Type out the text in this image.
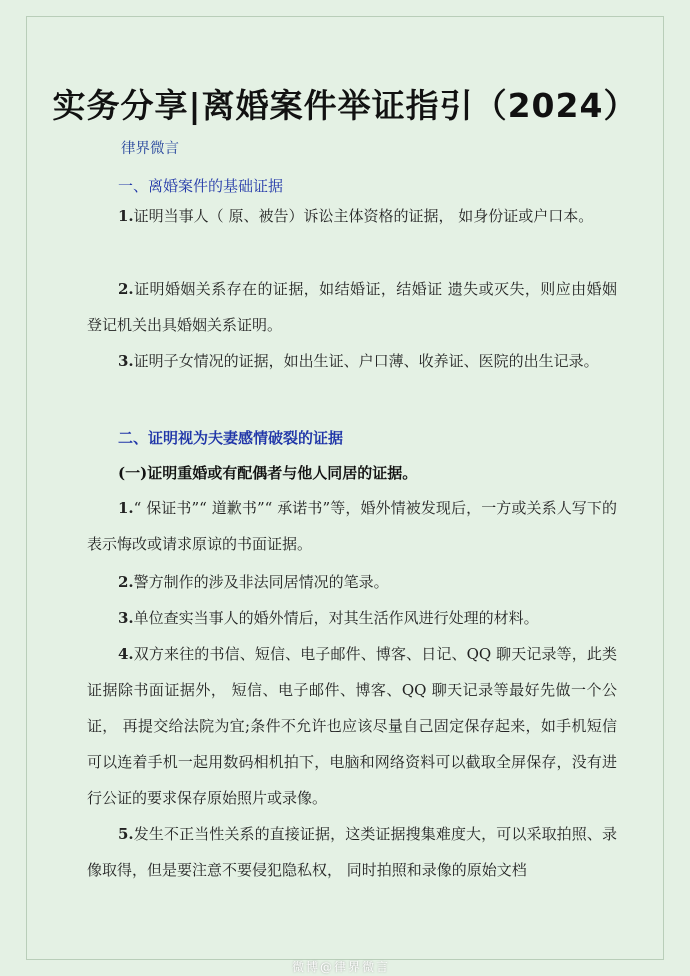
实务分享|离婚案件举证指引（2024）
律界微言
一、离婚案件的基础证据

1.证明当事人（ 原、被告）诉讼主体资格的证据， 如身份证或户口本。

2.证明婚姻关系存在的证据，如结婚证，结婚证 遗失或灭失，则应由婚姻登记机关出具婚姻关系证明。

3.证明子女情况的证据，如出生证、户口薄、收养证、医院的出生记录。

二、证明视为夫妻感情破裂的证据
(一)证明重婚或有配偶者与他人同居的证据。

1.“ 保证书”“ 道歉书”“ 承诺书”等，婚外情被发现后，一方或关系人写下的表示悔改或请求原谅的书面证据。

2.警方制作的涉及非法同居情况的笔录。

3.单位查实当事人的婚外情后，对其生活作风进行处理的材料。

4.双方来往的书信、短信、电子邮件、博客、日记、QQ 聊天记录等，此类证据除书面证据外， 短信、电子邮件、博客、QQ 聊天记录等最好先做一个公证， 再提交给法院为宜;条件不允许也应该尽量自己固定保存起来，如手机短信可以连着手机一起用数码相机拍下，电脑和网络资料可以截取全屏保存，没有进行公证的要求保存原始照片或录像。

5.发生不正当性关系的直接证据，这类证据搜集难度大，可以采取拍照、录像取得，但是要注意不要侵犯隐私权， 同时拍照和录像的原始文档

微博@律界微言
